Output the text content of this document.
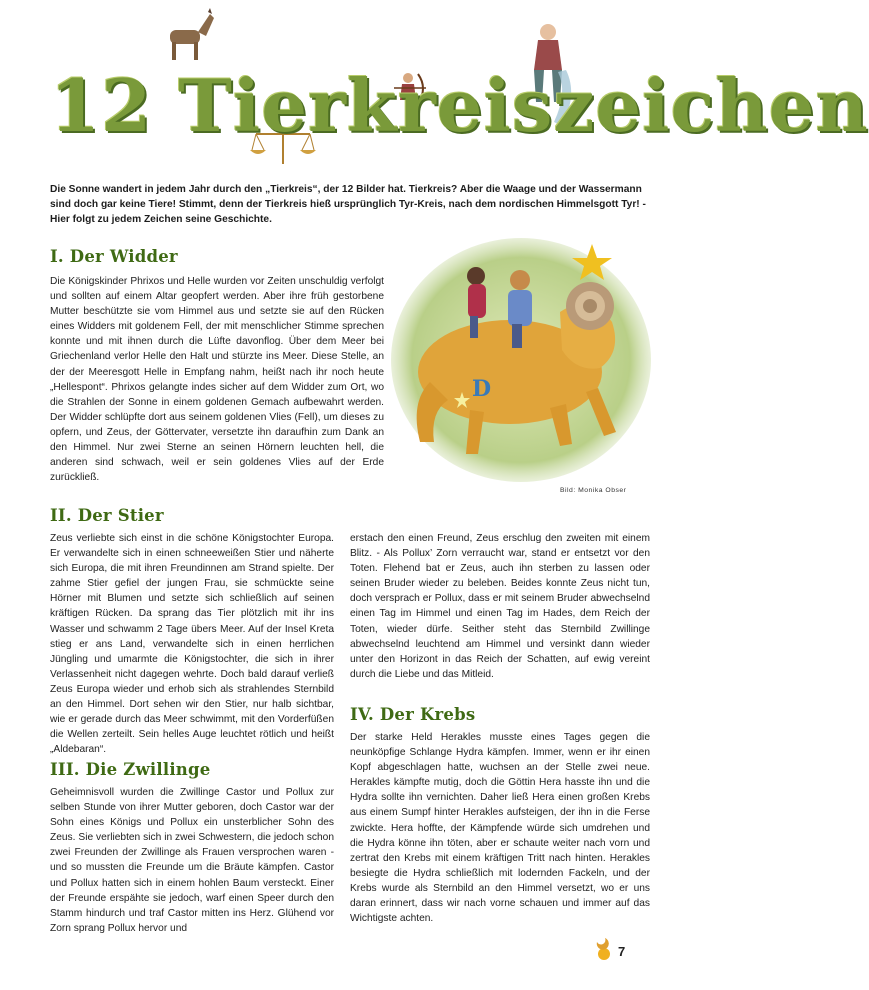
12 Tierkreiszeichen

Die Sonne wandert in jedem Jahr durch den „Tierkreis“, der 12 Bilder hat. Tierkreis? Aber die Waage und der Wassermann sind doch gar keine Tiere! Stimmt, denn der Tierkreis hieß ursprünglich Tyr-Kreis, nach dem nordischen Himmelsgott Tyr! - Hier folgt zu jedem Zeichen seine Geschichte.

I. Der Widder

Die Königskinder Phrixos und Helle wurden vor Zeiten unschuldig verfolgt und sollten auf einem Altar geopfert werden. Aber ihre früh gestorbene Mutter beschützte sie vom Himmel aus und setzte sie auf den Rücken eines Widders mit goldenem Fell, der mit menschlicher Stimme sprechen konnte und mit ihnen durch die Lüfte davonflog. Über dem Meer bei Griechenland verlor Helle den Halt und stürzte ins Meer. Diese Stelle, an der der Meeresgott Helle in Empfang nahm, heißt nach ihr noch heute „Hellespont“. Phrixos gelangte indes sicher auf dem Widder zum Ort, wo die Strahlen der Sonne in einem goldenen Gemach aufbewahrt werden. Der Widder schlüpfte dort aus seinem goldenen Vlies (Fell), um dieses zu opfern, und Zeus, der Göttervater, versetzte ihn daraufhin zum Dank an den Himmel. Nur zwei Sterne an seinen Hörnern leuchten hell, die anderen sind schwach, weil er sein goldenes Vlies auf der Erde zurückließ.

D
Bild: Monika Obser
II. Der Stier

Zeus verliebte sich einst in die schöne Königstochter Europa. Er verwandelte sich in einen schneeweißen Stier und näherte sich Europa, die mit ihren Freundinnen am Strand spielte. Der zahme Stier gefiel der jungen Frau, sie schmückte seine Hörner mit Blumen und setzte sich schließlich auf seinen kräftigen Rücken. Da sprang das Tier plötzlich mit ihr ins Wasser und schwamm 2 Tage übers Meer. Auf der Insel Kreta stieg er ans Land, verwandelte sich in einen herrlichen Jüngling und umarmte die Königstochter, die sich in ihrer Verlassenheit nicht dagegen wehrte. Doch bald darauf verließ Zeus Europa wieder und erhob sich als strahlendes Sternbild an den Himmel. Dort sehen wir den Stier, nur halb sichtbar, wie er gerade durch das Meer schwimmt, mit den Vorderfüßen die Wellen zerteilt. Sein helles Auge leuchtet rötlich und heißt „Aldebaran“.

III. Die Zwillinge

Geheimnisvoll wurden die Zwillinge Castor und Pollux zur selben Stunde von ihrer Mutter geboren, doch Castor war der Sohn eines Königs und Pollux ein unsterblicher Sohn des Zeus. Sie verliebten sich in zwei Schwestern, die jedoch schon zwei Freunden der Zwillinge als Frauen versprochen waren - und so mussten die Freunde um die Bräute kämpfen. Castor und Pollux hatten sich in einem hohlen Baum versteckt. Einer der Freunde erspähte sie jedoch, warf einen Speer durch den Stamm hindurch und traf Castor mitten ins Herz. Glühend vor Zorn sprang Pollux hervor und

erstach den einen Freund, Zeus erschlug den zweiten mit einem Blitz. - Als Pollux’ Zorn verraucht war, stand er entsetzt vor den Toten. Flehend bat er Zeus, auch ihn sterben zu lassen oder seinen Bruder wieder zu beleben. Beides konnte Zeus nicht tun, doch versprach er Pollux, dass er mit seinem Bruder abwechselnd einen Tag im Himmel und einen Tag im Hades, dem Reich der Toten, wieder dürfe. Seither steht das Sternbild Zwillinge abwechselnd leuchtend am Himmel und versinkt dann wieder unter den Horizont in das Reich der Schatten, auf ewig vereint durch die Liebe und das Mitleid.

IV. Der Krebs

Der starke Held Herakles musste eines Tages gegen die neunköpfige Schlange Hydra kämpfen. Immer, wenn er ihr einen Kopf abgeschlagen hatte, wuchsen an der Stelle zwei neue. Herakles kämpfte mutig, doch die Göttin Hera hasste ihn und die Hydra sollte ihn vernichten. Daher ließ Hera einen großen Krebs aus einem Sumpf hinter Herakles aufsteigen, der ihn in die Ferse zwickte. Hera hoffte, der Kämpfende würde sich umdrehen und die Hydra könne ihn töten, aber er schaute weiter nach vorn und zertrat den Krebs mit einem kräftigen Tritt nach hinten. Herakles besiegte die Hydra schließlich mit lodernden Fackeln, und der Krebs wurde als Sternbild an den Himmel versetzt, wo er uns daran erinnert, dass wir nach vorne schauen und immer auf das Wichtigste achten.

7
